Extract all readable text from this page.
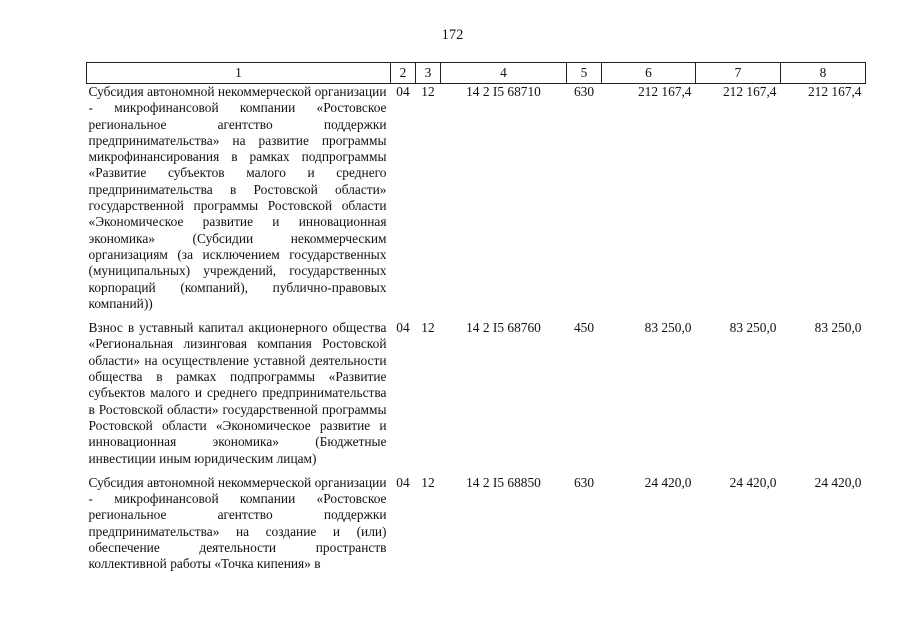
172
1	2	3	4	5	6	7	8
Субсидия автономной некоммерческой организации - микрофинансовой компании «Ростовское региональное агентство поддержки предпринимательства» на развитие программы микрофинансирования в рамках подпрограммы «Развитие субъектов малого и среднего предпринимательства в Ростовской области» государственной программы Ростовской области «Экономическое развитие и инновационная экономика» (Субсидии некоммерческим организациям (за исключением государственных (муниципальных) учреждений, государственных корпораций (компаний), публично-правовых компаний))	04	12	14 2 I5 68710	630	212 167,4	212 167,4	212 167,4
Взнос в уставный капитал акционерного общества «Региональная лизинговая компания Ростовской области» на осуществление уставной деятельности общества в рамках подпрограммы «Развитие субъектов малого и среднего предпринимательства в Ростовской области» государственной программы Ростовской области «Экономическое развитие и инновационная экономика» (Бюджетные инвестиции иным юридическим лицам)	04	12	14 2 I5 68760	450	83 250,0	83 250,0	83 250,0
Субсидия автономной некоммерческой организации - микрофинансовой компании «Ростовское региональное агентство поддержки предпринимательства» на создание и (или) обеспечение деятельности пространств коллективной работы «Точка кипения» в	04	12	14 2 I5 68850	630	24 420,0	24 420,0	24 420,0
